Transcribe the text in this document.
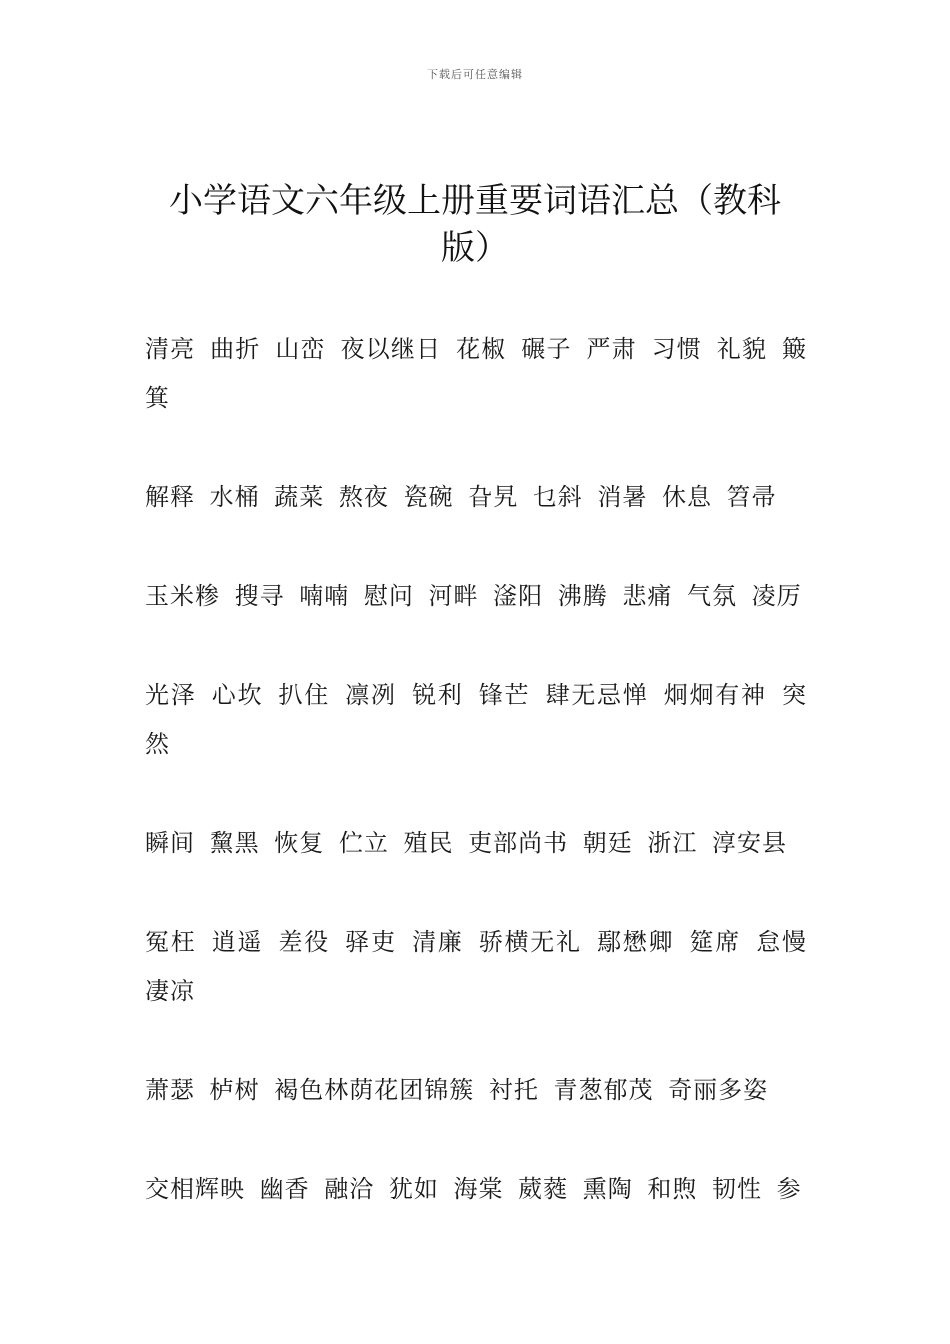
下载后可任意编辑
小学语文六年级上册重要词语汇总（教科版）

清亮 曲折 山峦 夜以继日 花椒 碾子 严肃 习惯 礼貌 簸箕

解释 水桶 蔬菜 熬夜 瓷碗 旮旯 乜斜 消暑 休息 笤帚

玉米糁 搜寻 喃喃 慰问 河畔 滏阳 沸腾 悲痛 气氛 凌厉

光泽 心坎 扒住 凛冽 锐利 锋芒 肆无忌惮 炯炯有神 突然

瞬间 黧黑 恢复 伫立 殖民 吏部尚书 朝廷 浙江 淳安县

冤枉 逍遥 差役 驿吏 清廉 骄横无礼 鄢懋卿 筵席 怠慢 凄凉

萧瑟 栌树 褐色林荫花团锦簇 衬托 青葱郁茂 奇丽多姿

交相辉映 幽香 融洽 犹如 海棠 葳蕤 熏陶 和煦 韧性 参
